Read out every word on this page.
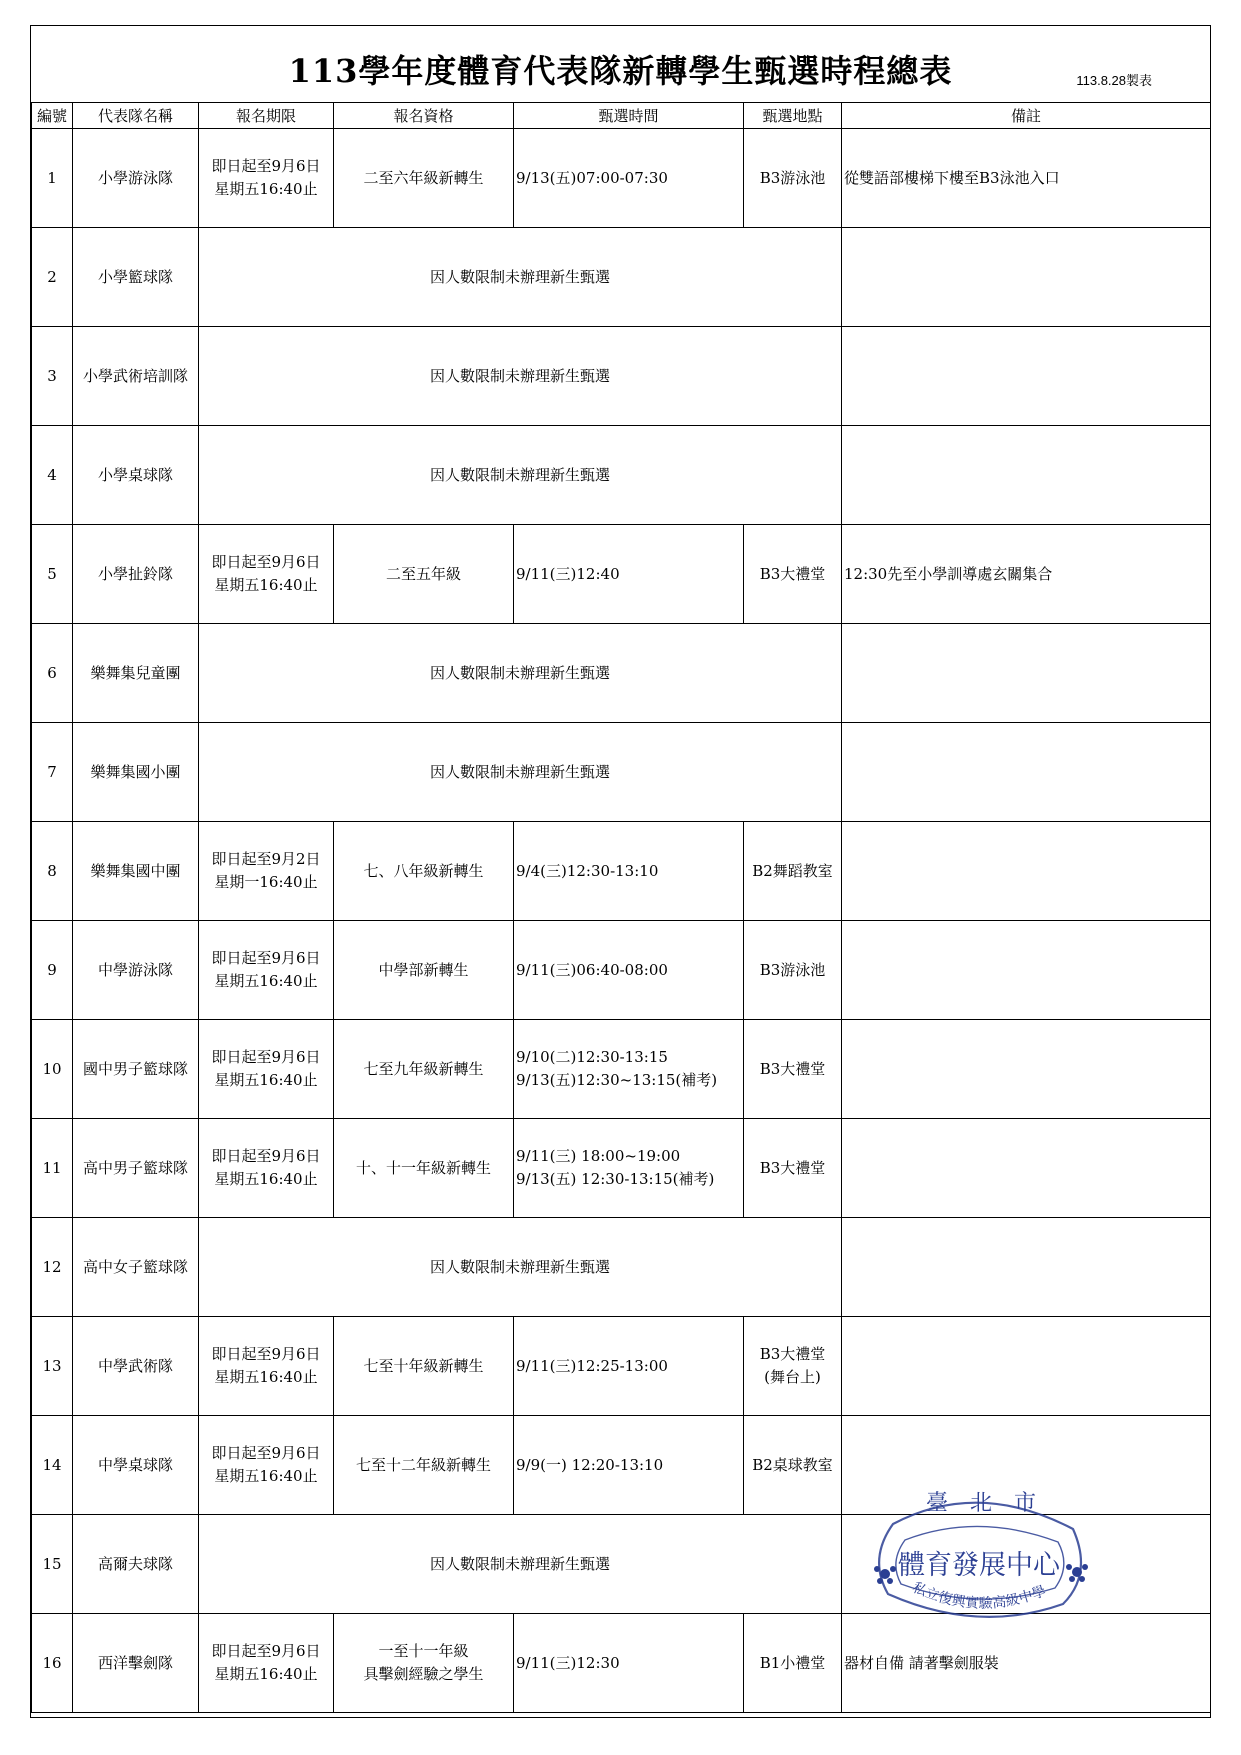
113學年度體育代表隊新轉學生甄選時程總表	113.8.28製表
編號	代表隊名稱	報名期限	報名資格	甄選時間	甄選地點	備註
1	小學游泳隊	即日起至9月6日
星期五16:40止	二至六年級新轉生	9/13(五)07:00-07:30	B3游泳池	從雙語部樓梯下樓至B3泳池入口
2	小學籃球隊	因人數限制未辦理新生甄選				
3	小學武術培訓隊	因人數限制未辦理新生甄選				
4	小學桌球隊	因人數限制未辦理新生甄選				
5	小學扯鈴隊	即日起至9月6日
星期五16:40止	二至五年級	9/11(三)12:40	B3大禮堂	12:30先至小學訓導處玄關集合
6	樂舞集兒童團	因人數限制未辦理新生甄選				
7	樂舞集國小團	因人數限制未辦理新生甄選				
8	樂舞集國中團	即日起至9月2日
星期一16:40止	七、八年級新轉生	9/4(三)12:30-13:10	B2舞蹈教室	

9	中學游泳隊	即日起至9月6日
星期五16:40止	中學部新轉生	9/11(三)06:40-08:00	B3游泳池	

10	國中男子籃球隊	即日起至9月6日
星期五16:40止	七至九年級新轉生	9/10(二)12:30-13:15
9/13(五)12:30~13:15(補考)	B3大禮堂	

11	高中男子籃球隊	即日起至9月6日
星期五16:40止	十、十一年級新轉生	9/11(三) 18:00~19:00
9/13(五) 12:30-13:15(補考)	B3大禮堂	

12	高中女子籃球隊	因人數限制未辦理新生甄選				
13	中學武術隊	即日起至9月6日
星期五16:40止	七至十年級新轉生	9/11(三)12:25-13:00	B3大禮堂
(舞台上)	

14	中學桌球隊	即日起至9月6日
星期五16:40止	七至十二年級新轉生	9/9(一) 12:20-13:10	B2桌球教室	

15	高爾夫球隊	因人數限制未辦理新生甄選				
16	西洋擊劍隊	即日起至9月6日
星期五16:40止	一至十一年級
具擊劍經驗之學生	9/11(三)12:30	B1小禮堂	器材自備 請著擊劍服裝
臺　北　市
體育發展中心
私立復興實驗高級中學
